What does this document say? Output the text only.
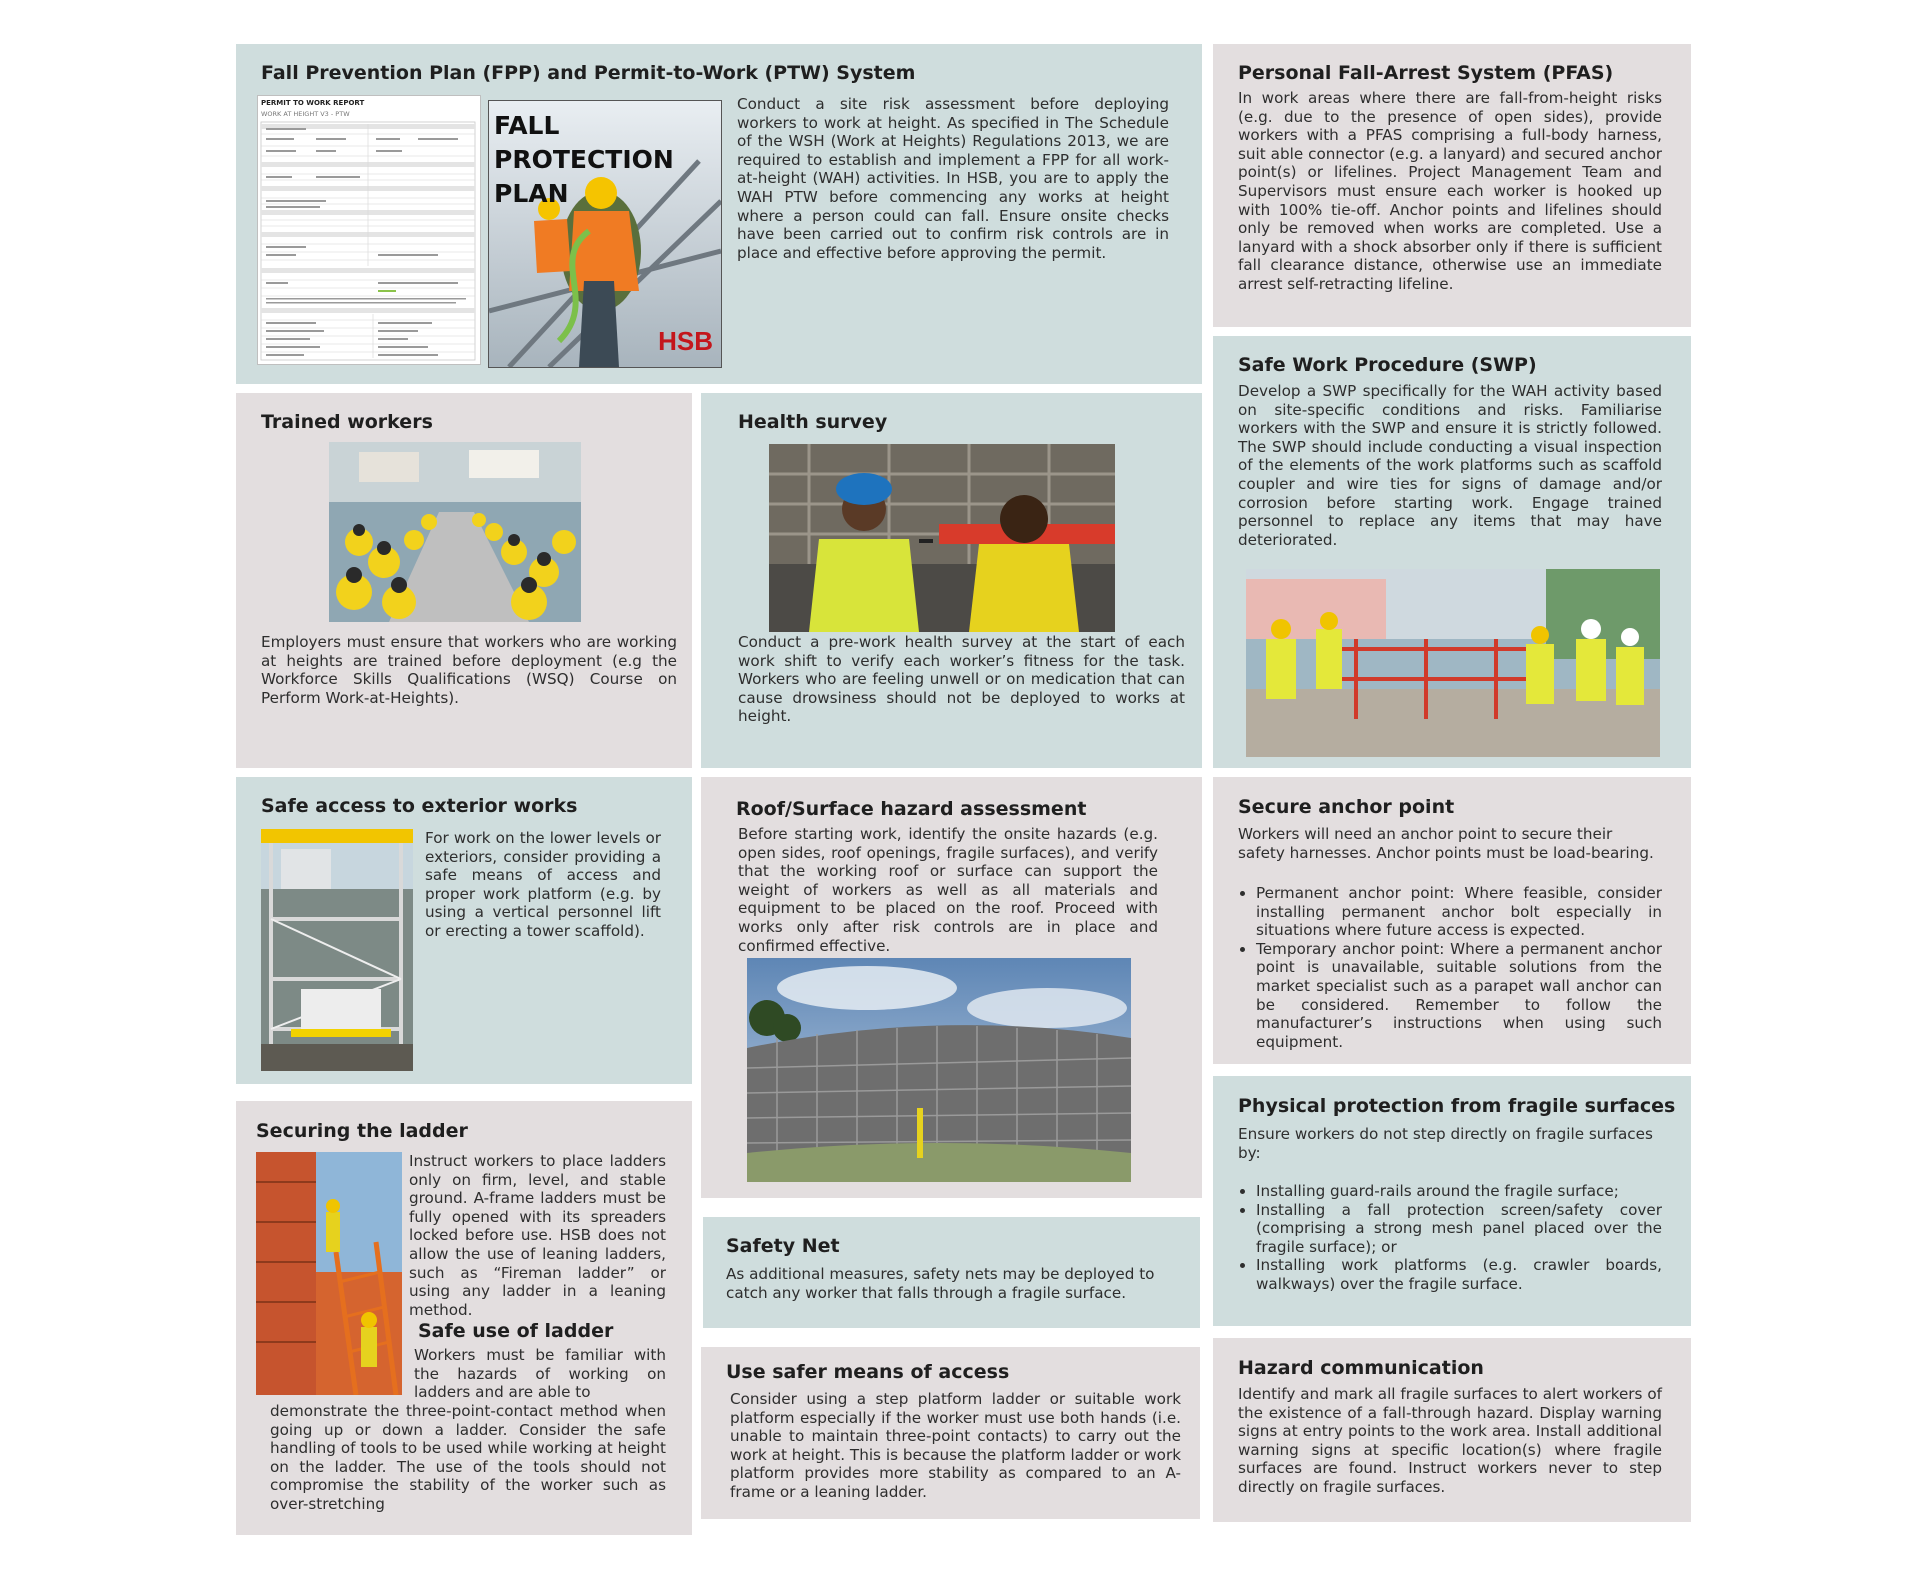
Fall Prevention Plan (FPP) and Permit-to-Work (PTW) System
PERMIT TO WORK REPORT
WORK AT HEIGHT V3 - PTW	FALL PROTECTION PLAN
HSB

Conduct a site risk assessment before deploying workers to work at height. As specified in The Schedule of the WSH (Work at Heights) Regulations 2013, we are required to establish and implement a FPP for all work-at-height (WAH) activities. In HSB, you are to apply the WAH PTW before commencing any works at height where a person could can fall. Ensure onsite checks have been carried out to confirm risk controls are in place and effective before approving the permit.

Personal Fall-Arrest System (PFAS)

In work areas where there are fall-from-height risks (e.g. due to the presence of open sides), provide workers with a PFAS comprising a full-body harness, suit able connector (e.g. a lanyard) and secured anchor point(s) or lifelines. Project Management Team and Supervisors must ensure each worker is hooked up with 100% tie-off. Anchor points and lifelines should only be removed when works are completed. Use a lanyard with a shock absorber only if there is sufficient fall clearance distance, otherwise use an immediate arrest self-retracting lifeline.

Trained workers

Employers must ensure that workers who are working at heights are trained before deployment (e.g the Workforce Skills Qualifications (WSQ) Course on Perform Work-at-Heights).

Health survey

Conduct a pre-work health survey at the start of each work shift to verify each worker’s fitness for the task. Workers who are feeling unwell or on medication that can cause drowsiness should not be deployed to works at height.

Safe Work Procedure (SWP)

Develop a SWP specifically for the WAH activity based on site-specific conditions and risks. Familiarise workers with the SWP and ensure it is strictly followed. The SWP should include conducting a visual inspection of the elements of the work platforms such as scaffold coupler and wire ties for signs of damage and/or corrosion before starting work. Engage trained personnel to replace any items that may have deteriorated.

Safe access to exterior works

For work on the lower levels or exteriors, consider providing a safe means of access and proper work platform (e.g. by using a vertical personnel lift or erecting a tower scaffold).

Roof/Surface hazard assessment

Before starting work, identify the onsite hazards (e.g. open sides, roof openings, fragile surfaces), and verify that the working roof or surface can support the weight of workers as well as all materials and equipment to be placed on the roof. Proceed with works only after risk controls are in place and confirmed effective.

Secure anchor point

Workers will need an anchor point to secure their safety harnesses. Anchor points must be load-bearing.

• Permanent anchor point: Where feasible, consider installing permanent anchor bolt especially in situations where future access is expected.
• Temporary anchor point: Where a permanent anchor point is unavailable, suitable solutions from the market specialist such as a parapet wall anchor can be considered. Remember to follow the manufacturer’s instructions when using such equipment.
Securing the ladder

Instruct workers to place ladders only on firm, level, and stable ground. A-frame ladders must be fully opened with its spreaders locked before use. HSB does not allow the use of leaning ladders, such as “Fireman ladder” or using any ladder in a leaning method.

Safe use of ladder

Workers must be familiar with the hazards of working on ladders and are able to

demonstrate the three-point-contact method when going up or down a ladder. Consider the safe handling of tools to be used while working at height on the ladder. The use of the tools should not compromise the stability of the worker such as over-stretching

Safety Net

As additional measures, safety nets may be deployed to catch any worker that falls through a fragile surface.

Physical protection from fragile surfaces

Ensure workers do not step directly on fragile surfaces by:

• Installing guard-rails around the fragile surface;
• Installing a fall protection screen/safety cover (comprising a strong mesh panel placed over the fragile surface); or
• Installing work platforms (e.g. crawler boards, walkways) over the fragile surface.
Use safer means of access

Consider using a step platform ladder or suitable work platform especially if the worker must use both hands (i.e. unable to maintain three-point contacts) to carry out the work at height. This is because the platform ladder or work platform provides more stability as compared to an A-frame or a leaning ladder.

Hazard communication

Identify and mark all fragile surfaces to alert workers of the existence of a fall-through hazard. Display warning signs at entry points to the work area. Install additional warning signs at specific location(s) where fragile surfaces are found. Instruct workers never to step directly on fragile surfaces.
